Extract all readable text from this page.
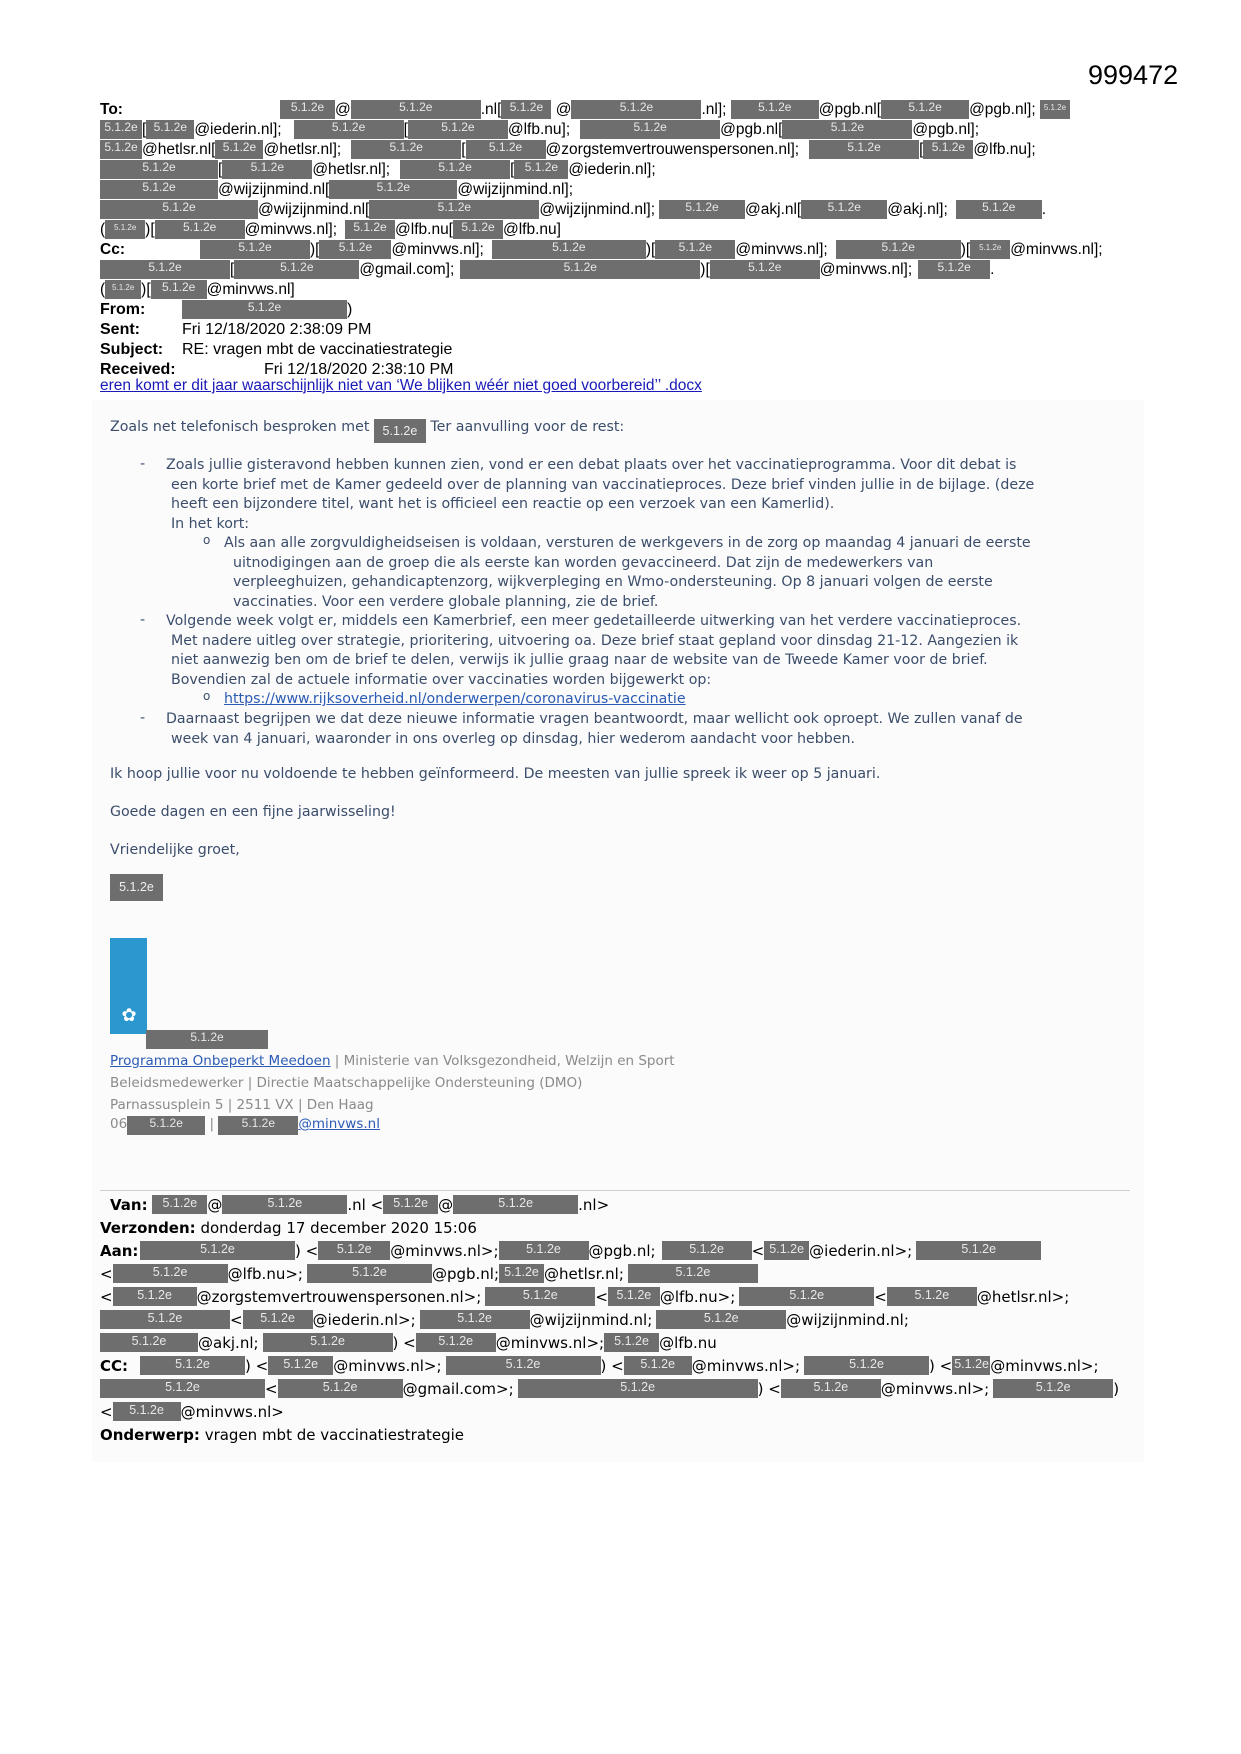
999472
To:	5.1.2e @	5.1.2e	.nl[ 5.1.2e @	5.1.2e	.nl]; 5.1.2e @pgb.nl[ 5.1.2e @pgb.nl]; 5.1.2e
5.1.2e [ 5.1.2e @iederin.nl];	5.1.2e [	5.1.2e @lfb.nu];	5.1.2e	@pgb.nl[	5.1.2e	@pgb.nl];
5.1.2e @hetlsr.nl[ 5.1.2e @hetlsr.nl];	5.1.2e [ 5.1.2e @zorgstemvertrouwenspersonen.nl];	5.1.2e [ 5.1.2e @lfb.nu];
5.1.2e	[ 5.1.2e @hetlsr.nl];	5.1.2e [ 5.1.2e @iederin.nl];
5.1.2e	@wijzijnmind.nl[	5.1.2e	@wijzijnmind.nl];
5.1.2e	@wijzijnmind.nl[	5.1.2e	@wijzijnmind.nl];	5.1.2e @akj.nl[ 5.1.2e @akj.nl];	5.1.2e .
( 5.1.2e )[ 5.1.2e @minvws.nl]; 5.1.2e @lfb.nu[ 5.1.2e @lfb.nu]
Cc:	5.1.2e )[ 5.1.2e @minvws.nl];	5.1.2e	)[ 5.1.2e @minvws.nl];	5.1.2e	)[ 5.1.2e @minvws.nl];
5.1.2e	[	5.1.2e	@gmail.com];	5.1.2e	)[	5.1.2e @minvws.nl]; 5.1.2e .
( 5.1.2e )[ 5.1.2e @minvws.nl]
From:	5.1.2e	)
Sent:	Fri 12/18/2020 2:38:09 PM
Subject: RE: vragen mbt de vaccinatiestrategie
Received:	Fri 12/18/2020 2:38:10 PM
eren komt er dit jaar waarschijnlijk niet van ‘We blijken wéér niet goed voorbereid’’ .docx

Zoals net telefonisch besproken met 5.1.2e Ter aanvulling voor de rest:

- Zoals jullie gisteravond hebben kunnen zien, vond er een debat plaats over het vaccinatieprogramma. Voor dit debat is
een korte brief met de Kamer gedeeld over de planning van vaccinatieproces. Deze brief vinden jullie in de bijlage. (deze
heeft een bijzondere titel, want het is officieel een reactie op een verzoek van een Kamerlid).
In het kort:
o Als aan alle zorgvuldigheidseisen is voldaan, versturen de werkgevers in de zorg op maandag 4 januari de eerste
uitnodigingen aan de groep die als eerste kan worden gevaccineerd. Dat zijn de medewerkers van
verpleeghuizen, gehandicaptenzorg, wijkverpleging en Wmo-ondersteuning. Op 8 januari volgen de eerste
vaccinaties. Voor een verdere globale planning, zie de brief.
- Volgende week volgt er, middels een Kamerbrief, een meer gedetailleerde uitwerking van het verdere vaccinatieproces.
Met nadere uitleg over strategie, prioritering, uitvoering oa. Deze brief staat gepland voor dinsdag 21-12. Aangezien ik
niet aanwezig ben om de brief te delen, verwijs ik jullie graag naar de website van de Tweede Kamer voor de brief.
Bovendien zal de actuele informatie over vaccinaties worden bijgewerkt op:
o https://www.rijksoverheid.nl/onderwerpen/coronavirus-vaccinatie
- Daarnaast begrijpen we dat deze nieuwe informatie vragen beantwoordt, maar wellicht ook oproept. We zullen vanaf de
week van 4 januari, waaronder in ons overleg op dinsdag, hier wederom aandacht voor hebben.

Ik hoop jullie voor nu voldoende te hebben geïnformeerd. De meesten van jullie spreek ik weer op 5 januari.

Goede dagen en een fijne jaarwisseling!

Vriendelijke groet,

5.1.2e

✿
5.1.2e
Programma Onbeperkt Meedoen | Ministerie van Volksgezondheid, Welzijn en Sport
Beleidsmedewerker | Directie Maatschappelijke Ondersteuning (DMO)
Parnassusplein 5 | 2511 VX | Den Haag
06 5.1.2e | 5.1.2e @minvws.nl
Van: 5.1.2e @	5.1.2e	.nl < 5.1.2e @	5.1.2e	.nl>
Verzonden: donderdag 17 december 2020 15:06
Aan:	5.1.2e	) < 5.1.2e @minvws.nl>; 5.1.2e @pgb.nl;	5.1.2e < 5.1.2e @iederin.nl>;	5.1.2e
<	5.1.2e	@lfb.nu>;	5.1.2e	@pgb.nl; 5.1.2e @hetlsr.nl;	5.1.2e
< 5.1.2e @zorgstemvertrouwenspersonen.nl>;	5.1.2e	< 5.1.2e @lfb.nu>;	5.1.2e	< 5.1.2e @hetlsr.nl>;
5.1.2e	< 5.1.2e @iederin.nl>;	5.1.2e	@wijzijnmind.nl;	5.1.2e	@wijzijnmind.nl;
5.1.2e @akj.nl;	5.1.2e	) < 5.1.2e @minvws.nl>; 5.1.2e @lfb.nu
CC:	5.1.2e ) < 5.1.2e @minvws.nl>;	5.1.2e	) < 5.1.2e @minvws.nl>;	5.1.2e	) < 5.1.2e@minvws.nl>;
5.1.2e	<	5.1.2e	@gmail.com>;	5.1.2e	) <	5.1.2e @minvws.nl>;	5.1.2e	)
< 5.1.2e @minvws.nl>
Onderwerp: vragen mbt de vaccinatiestrategie
